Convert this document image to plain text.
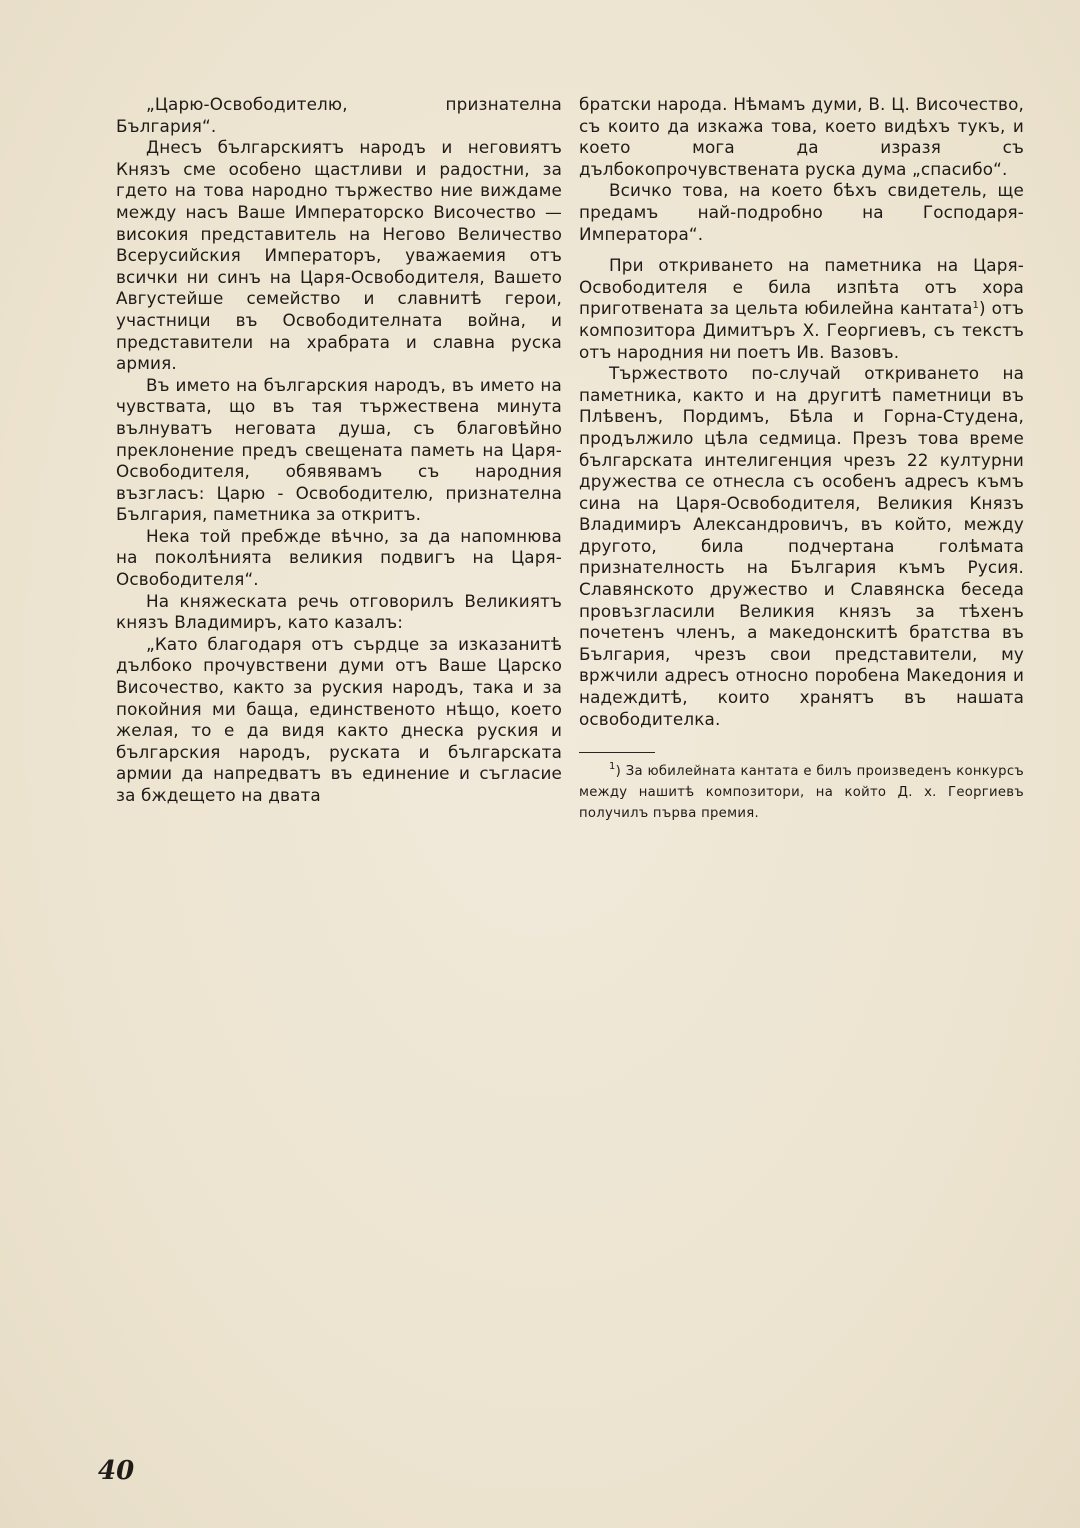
„Царю-Освободителю, признателна България“.

Днесъ българскиятъ народъ и неговиятъ Князъ сме особено щастливи и радостни, за гдето на това народно тържество ние виждаме между насъ Ваше Императорско Височество — високия представитель на Негово Величество Всерусийския Императоръ, уважаемия отъ всички ни синъ на Царя-Освободителя, Вашето Августейше семейство и славнитѣ герои, участници въ Освободителната война, и представители на храбрата и славна руска армия.

Въ името на българския народъ, въ името на чувствата, що въ тая тържествена минута вълнуватъ неговата душа, съ благовѣйно преклонение предъ свещената паметь на Царя-Освободителя, обявявамъ съ народния възгласъ: Царю - Освободителю, признателна България, паметника за откритъ.

Нека той пребжде вѣчно, за да напомнюва на поколѣнията великия подвигъ на Царя-Освободителя“.

На княжеската речь отговорилъ Великиятъ князъ Владимиръ, като казалъ:

„Като благодаря отъ сърдце за изказанитѣ дълбоко прочувствени думи отъ Ваше Царско Височество, както за руския народъ, така и за покойния ми баща, единственото нѣщо, което желая, то е да видя както днеска руския и българския народъ, руската и българската армии да напредватъ въ единение и съгласие за бждещето на двата

братски народа. Нѣмамъ думи, В. Ц. Височество, съ които да изкажа това, което видѣхъ тукъ, и което мога да изразя съ дълбокопрочувствената руска дума „спасибо“.

Всичко това, на което бѣхъ свидетель, ще предамъ най-подробно на Господаря-Императора“.

При откриването на паметника на Царя-Освободителя е била изпѣта отъ хора приготвената за цельта юбилейна кантата$^1$) отъ композитора Димитъръ Х. Георгиевъ, съ текстъ отъ народния ни поетъ Ив. Вазовъ.

Тържеството по-случай откриването на паметника, както и на другитѣ паметници въ Плѣвенъ, Пордимъ, Бѣла и Горна-Студена, продължило цѣла седмица. Презъ това време българската интелигенция чрезъ 22 културни дружества се отнесла съ особенъ адресъ къмъ сина на Царя-Освободителя, Великия Князъ Владимиръ Александровичъ, въ който, между другото, била подчертана голѣмата признателность на България къмъ Русия. Славянското дружество и Славянска беседа провъзгласили Великия князъ за тѣхенъ почетенъ членъ, а македонскитѣ братства въ България, чрезъ свои представители, му вржчили адресъ относно поробена Македония и надеждитѣ, които хранятъ въ нашата освободителка.

$^1$) За юбилейната кантата е билъ произведенъ конкурсъ между нашитѣ композитори, на който Д. х. Георгиевъ получилъ първа премия.

40
